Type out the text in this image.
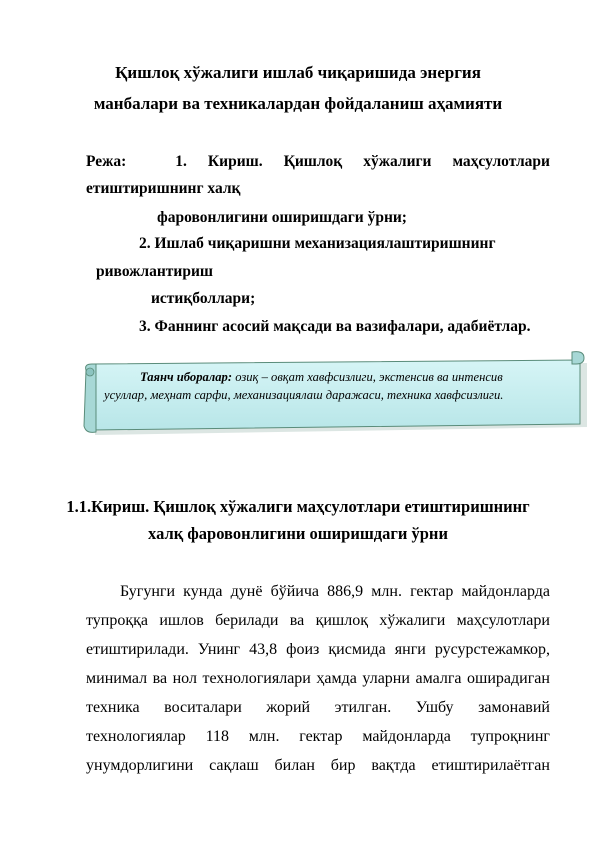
Қишлоқ хўжалиги ишлаб чиқаришида энергия
манбалари ва техникалардан фойдаланиш аҳамияти
Режа:	1. Кириш. Қишлоқ хўжалиги маҳсулотлари
етиштиришнинг халқ
фаровонлигини оширишдаги ўрни;
2. Ишлаб чиқаришни механизациялаштиришнинг
ривожлантириш
истиқболлари;
3. Фаннинг асосий мақсади ва вазифалари, адабиётлар.
Таянч иборалар: озиқ – овқат хавфсизлиги, экстенсив ва интенсив
усуллар, меҳнат сарфи, механизациялаш даражаси, техника хавфсизлиги.
1.1.Кириш. Қишлоқ хўжалиги маҳсулотлари етиштиришнинг
халқ фаровонлигини оширишдаги ўрни
Бугунги кунда дунё бўйича 886,9 млн. гектар майдонларда
тупроққа ишлов берилади ва қишлоқ хўжалиги маҳсулотлари
етиштирилади. Унинг 43,8 фоиз қисмида янги русурстежамкор,
минимал ва нол технологиялари ҳамда уларни амалга оширадиган
техника воситалари жорий этилган. Ушбу замонавий
технологиялар 118 млн. гектар майдонларда тупроқнинг
унумдорлигини сақлаш билан бир вақтда етиштирилаётган
